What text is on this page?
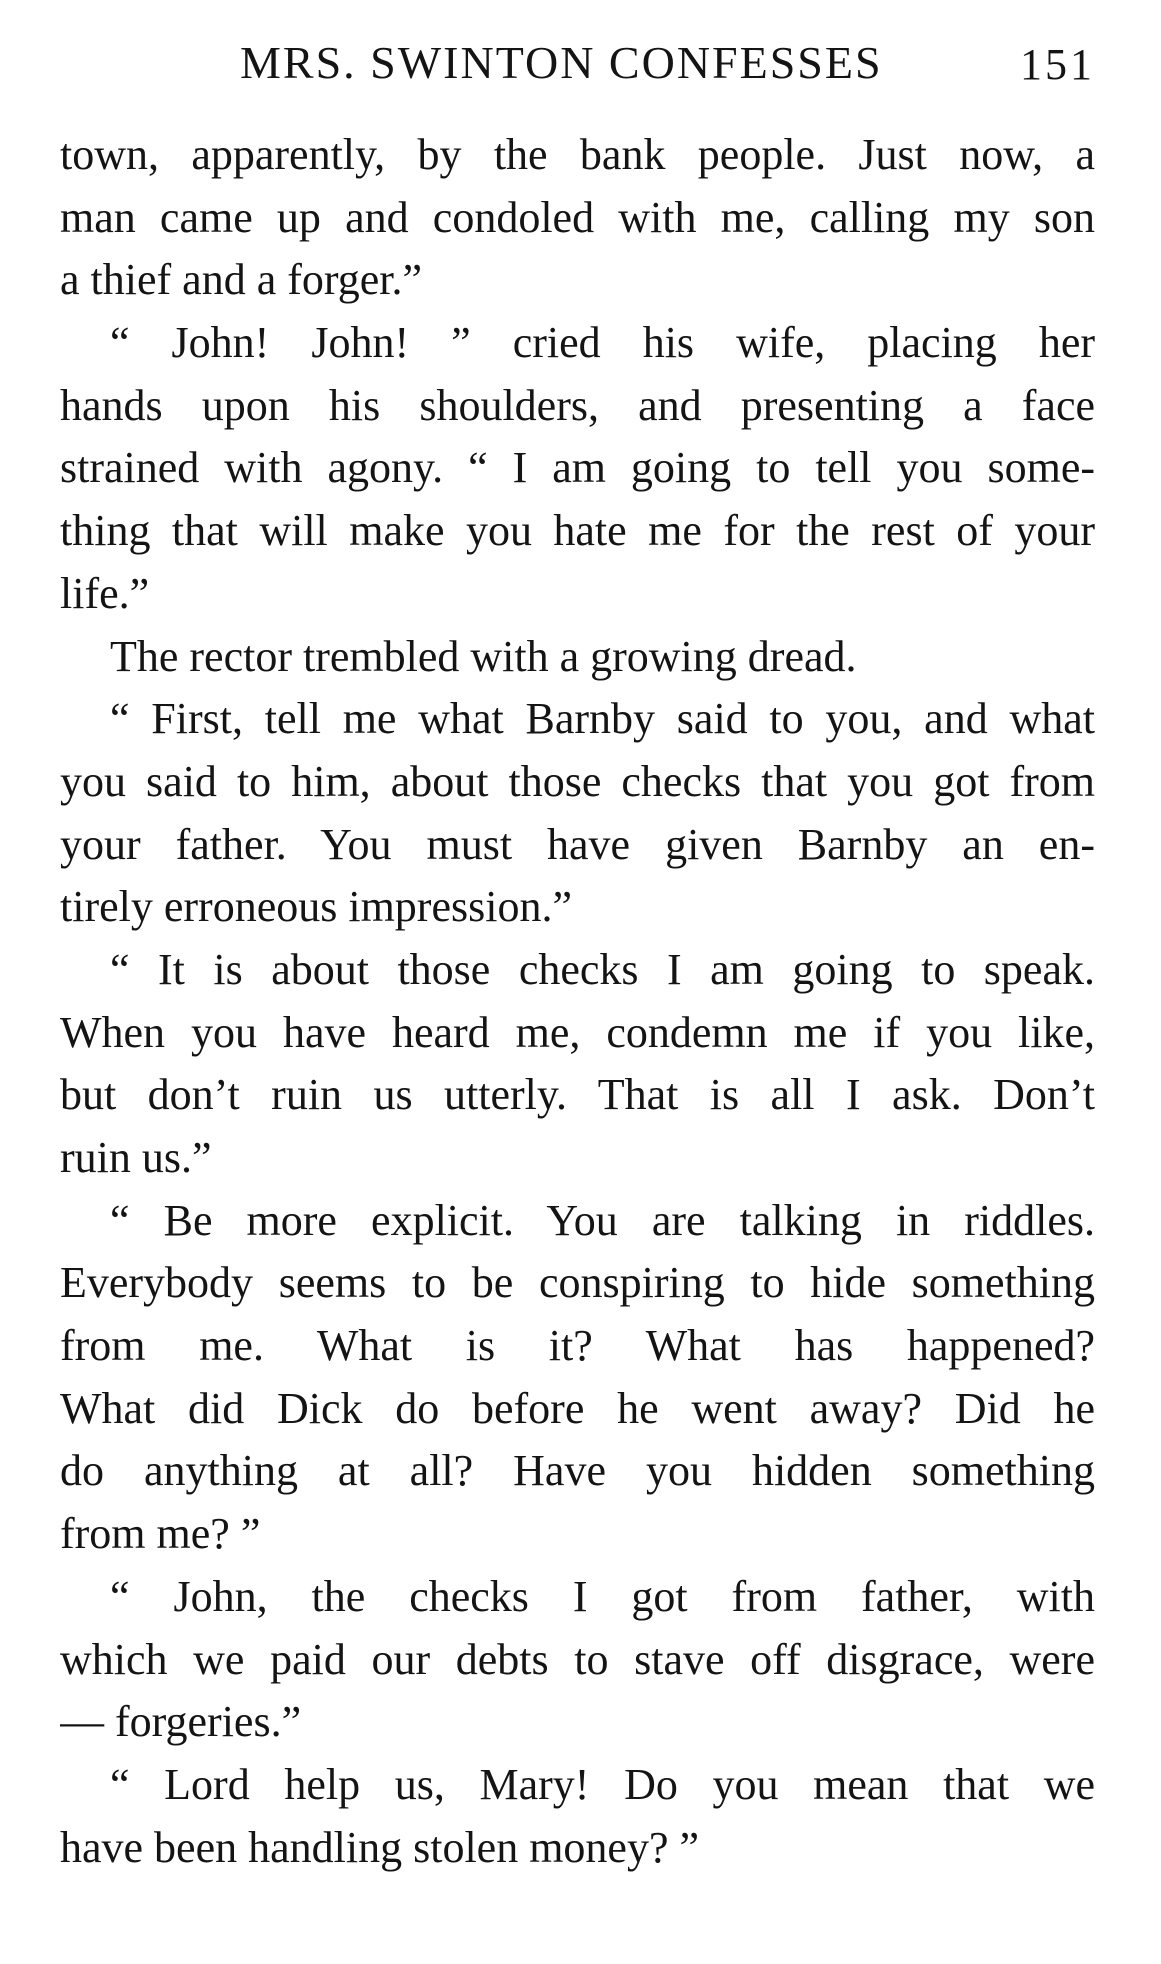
MRS. SWINTON CONFESSES	151
town, apparently, by the bank people. Just now, a
man came up and condoled with me, calling my son
a thief and a forger.”
“ John! John! ” cried his wife, placing her
hands upon his shoulders, and presenting a face
strained with agony. “ I am going to tell you some-
thing that will make you hate me for the rest of your
life.”
The rector trembled with a growing dread.
“ First, tell me what Barnby said to you, and what
you said to him, about those checks that you got from
your father. You must have given Barnby an en-
tirely erroneous impression.”
“ It is about those checks I am going to speak.
When you have heard me, condemn me if you like,
but don’t ruin us utterly. That is all I ask. Don’t
ruin us.”
“ Be more explicit. You are talking in riddles.
Everybody seems to be conspiring to hide something
from me. What is it? What has happened?
What did Dick do before he went away? Did he
do anything at all? Have you hidden something
from me? ”
“ John, the checks I got from father, with
which we paid our debts to stave off disgrace, were
— forgeries.”
“ Lord help us, Mary! Do you mean that we
have been handling stolen money? ”
